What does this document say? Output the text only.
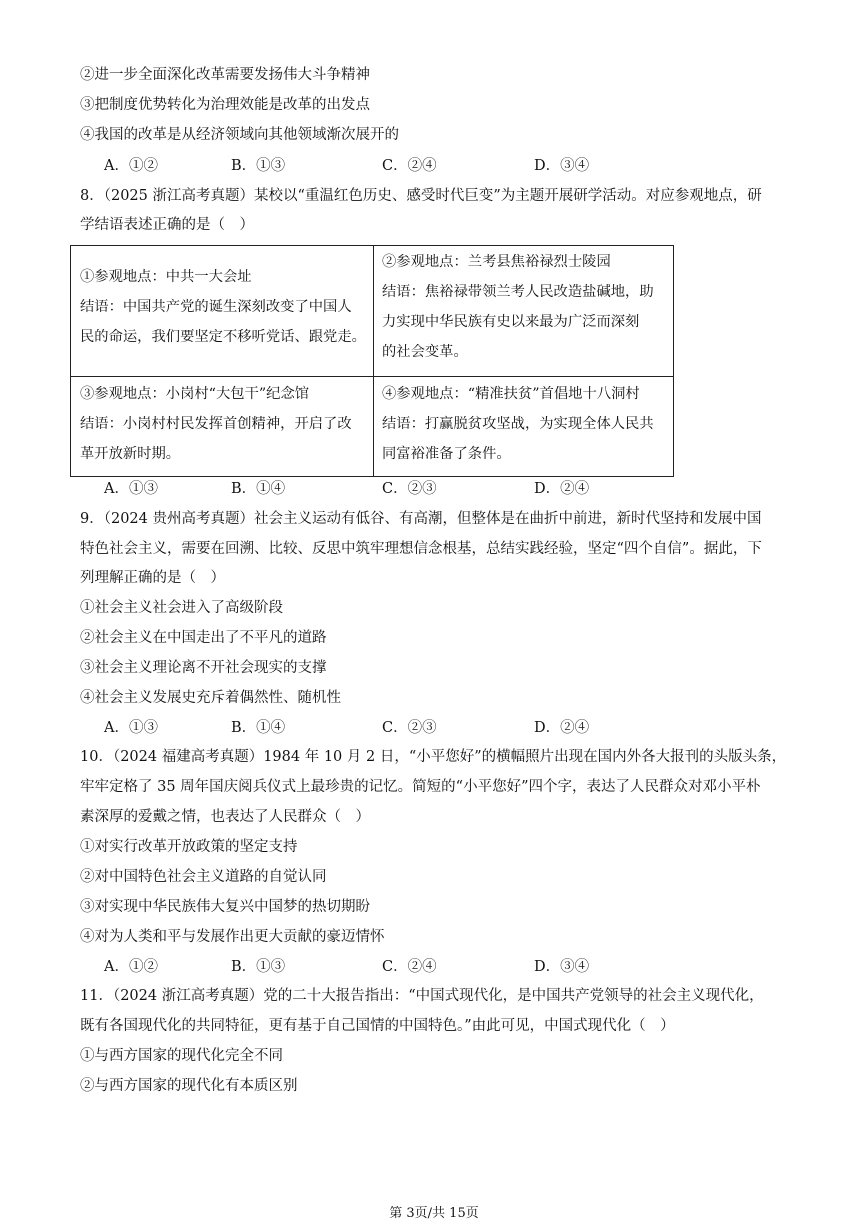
②进一步全面深化改革需要发扬伟大斗争精神
③把制度优势转化为治理效能是改革的出发点
④我国的改革是从经济领域向其他领域渐次展开的
A．①②	B．①③	C．②④	D．③④
8．（2025 浙江高考真题）某校以“重温红色历史、感受时代巨变”为主题开展研学活动。对应参观地点，研
学结语表述正确的是（　）
①参观地点：中共一大会址
结语：中国共产党的诞生深刻改变了中国人
民的命运，我们要坚定不移听党话、跟党走。
②参观地点：兰考县焦裕禄烈士陵园
结语：焦裕禄带领兰考人民改造盐碱地，助
力实现中华民族有史以来最为广泛而深刻
的社会变革。
③参观地点：小岗村“大包干”纪念馆
结语：小岗村村民发挥首创精神，开启了改
革开放新时期。
④参观地点：“精准扶贫”首倡地十八洞村
结语：打赢脱贫攻坚战，为实现全体人民共
同富裕准备了条件。
A．①③	B．①④	C．②③	D．②④
9．（2024 贵州高考真题）社会主义运动有低谷、有高潮，但整体是在曲折中前进，新时代坚持和发展中国
特色社会主义，需要在回溯、比较、反思中筑牢理想信念根基，总结实践经验，坚定“四个自信”。据此，下
列理解正确的是（　）
①社会主义社会进入了高级阶段
②社会主义在中国走出了不平凡的道路
③社会主义理论离不开社会现实的支撑
④社会主义发展史充斥着偶然性、随机性
A．①③	B．①④	C．②③	D．②④
10．（2024 福建高考真题）1984 年 10 月 2 日，“小平您好”的横幅照片出现在国内外各大报刊的头版头条，
牢牢定格了 35 周年国庆阅兵仪式上最珍贵的记忆。简短的“小平您好”四个字，表达了人民群众对邓小平朴
素深厚的爱戴之情，也表达了人民群众（　）
①对实行改革开放政策的坚定支持
②对中国特色社会主义道路的自觉认同
③对实现中华民族伟大复兴中国梦的热切期盼
④对为人类和平与发展作出更大贡献的豪迈情怀
A．①②	B．①③	C．②④	D．③④
11．（2024 浙江高考真题）党的二十大报告指出：“中国式现代化，是中国共产党领导的社会主义现代化，
既有各国现代化的共同特征，更有基于自己国情的中国特色。”由此可见，中国式现代化（　）
①与西方国家的现代化完全不同
②与西方国家的现代化有本质区别
第 3页/共 15页
